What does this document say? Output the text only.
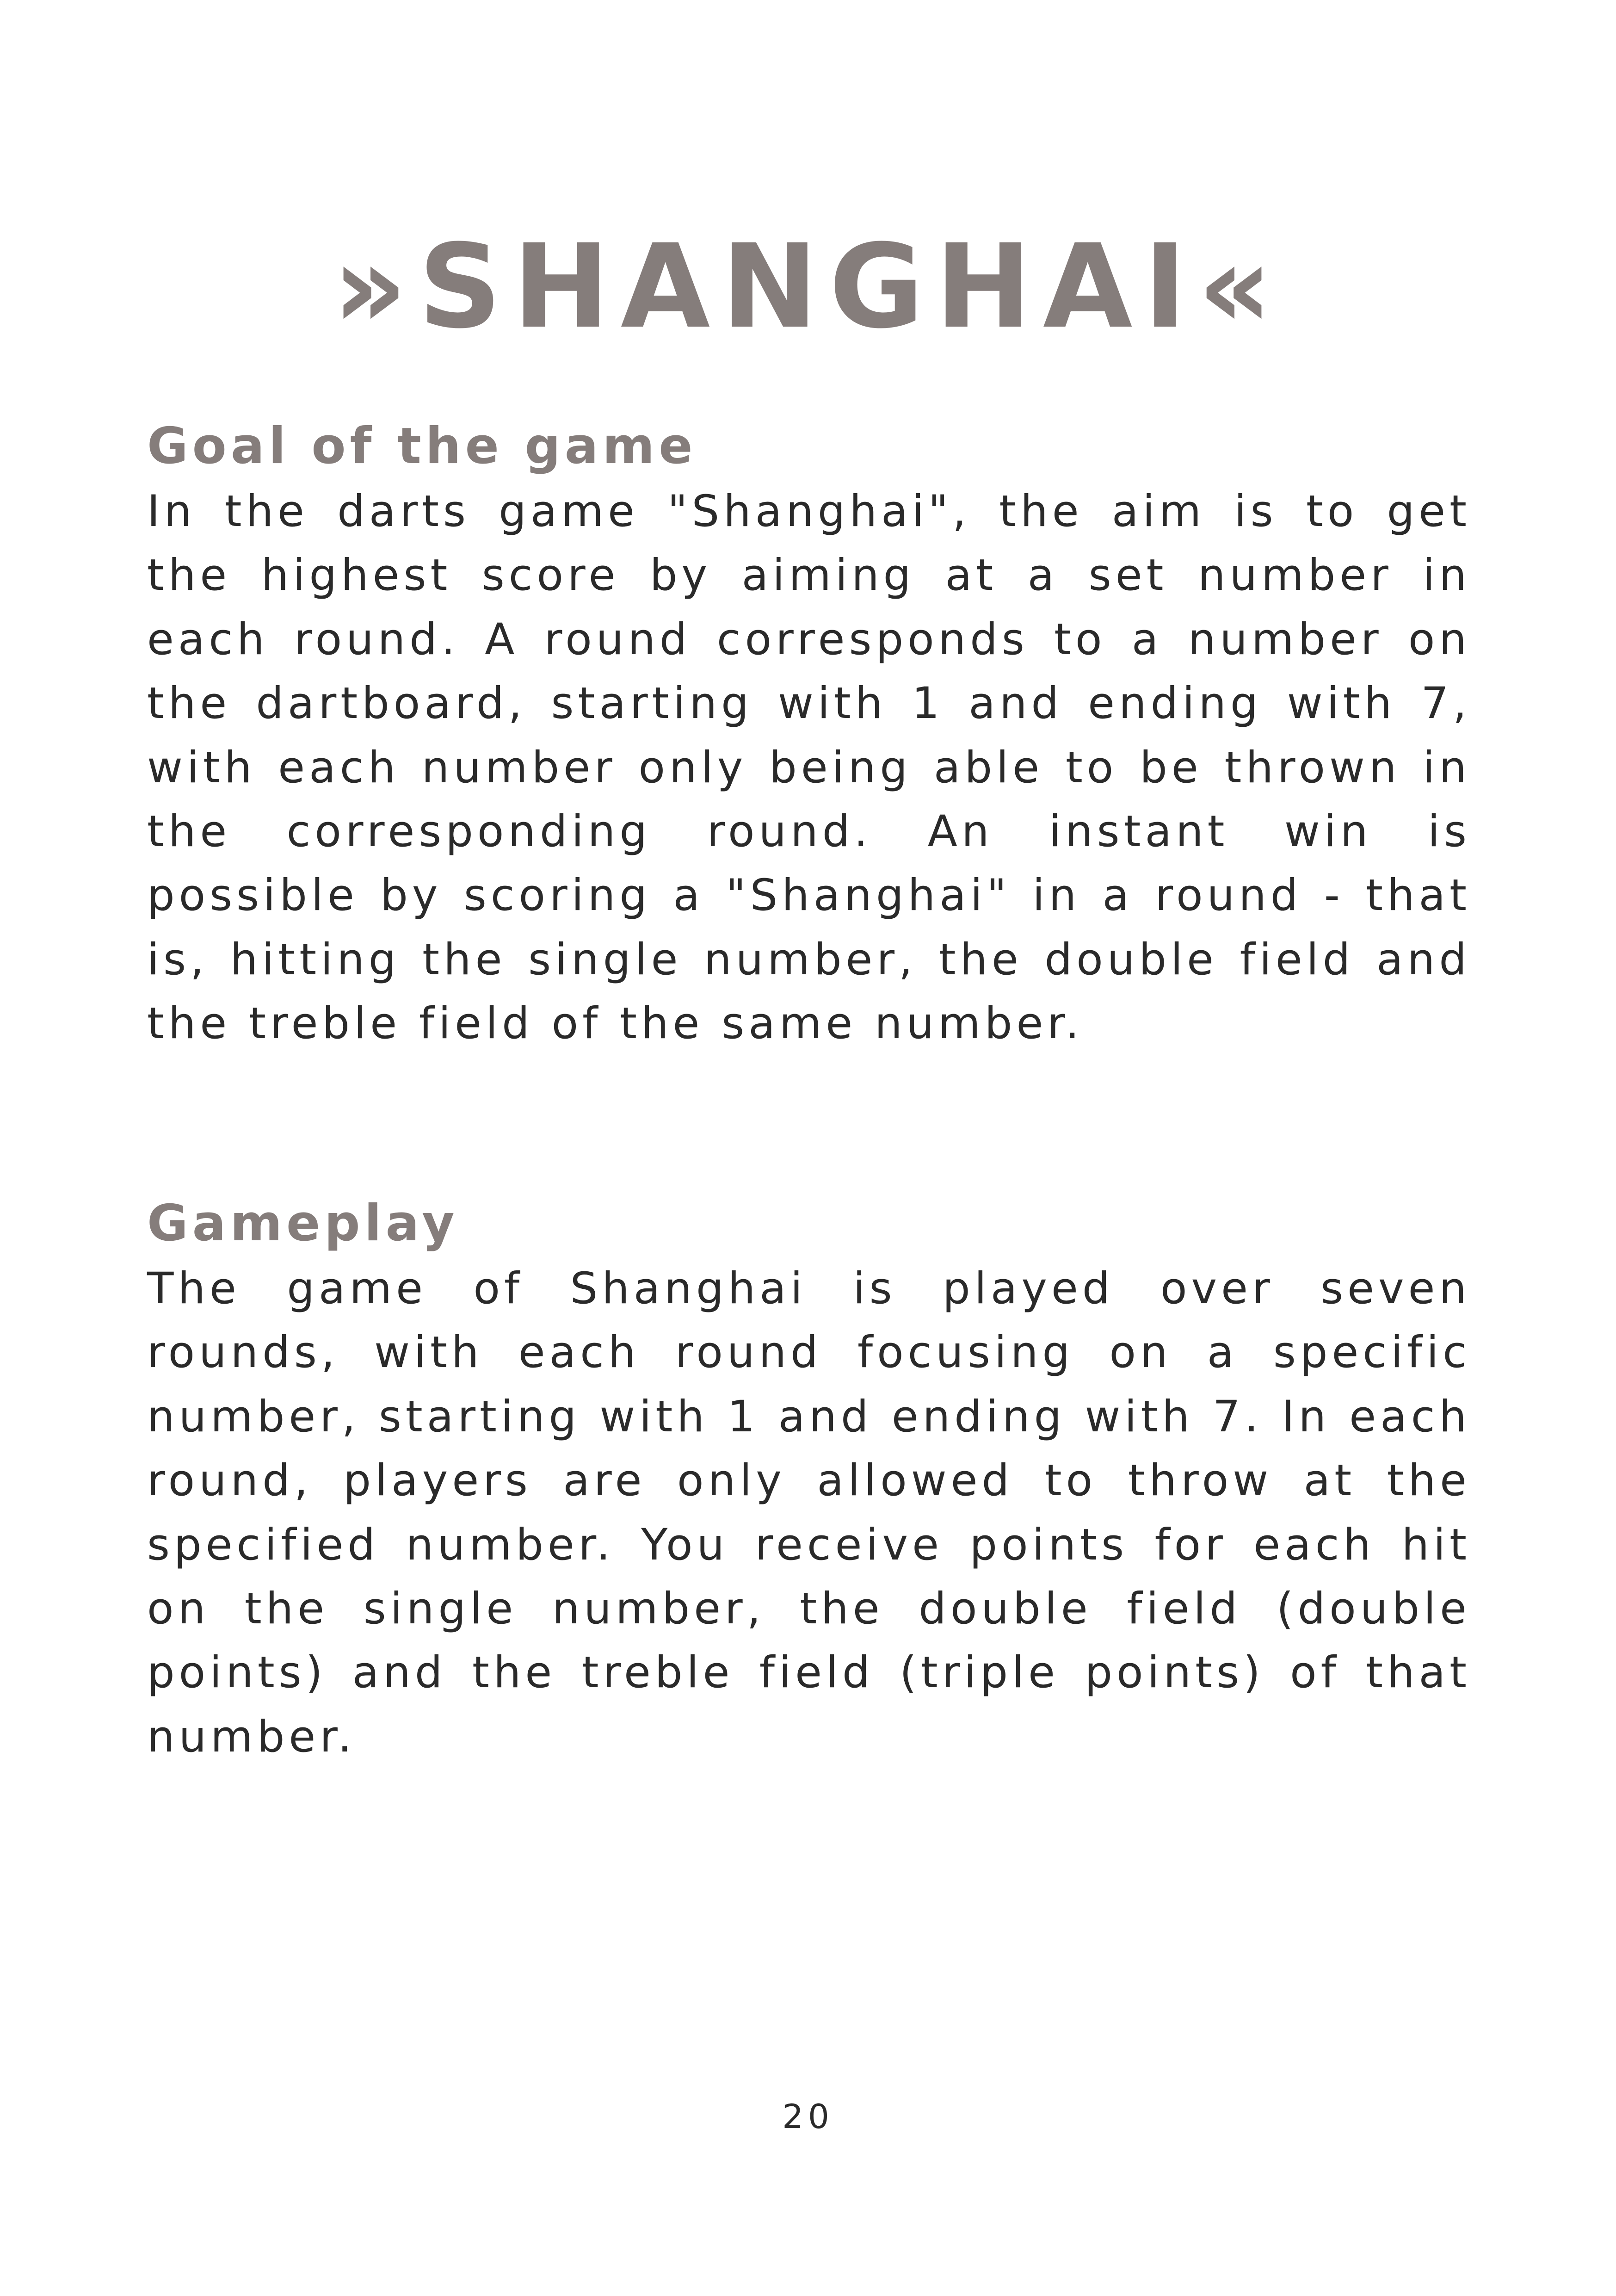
»SHANGHAI«
Goal of the game

In the darts game "Shanghai", the aim is to get the highest score by aiming at a set number in each round. A round corresponds to a number on the dartboard, starting with 1 and ending with 7, with each number only being able to be thrown in the corresponding round. An instant win is possible by scoring a "Shanghai" in a round - that is, hitting the single number, the double field and the treble field of the same number.

Gameplay

The game of Shanghai is played over seven rounds, with each round focusing on a specific number, starting with 1 and ending with 7. In each round, players are only allowed to throw at the specified number. You receive points for each hit on the single number, the double field (double points) and the treble field (triple points) of that number.

20
